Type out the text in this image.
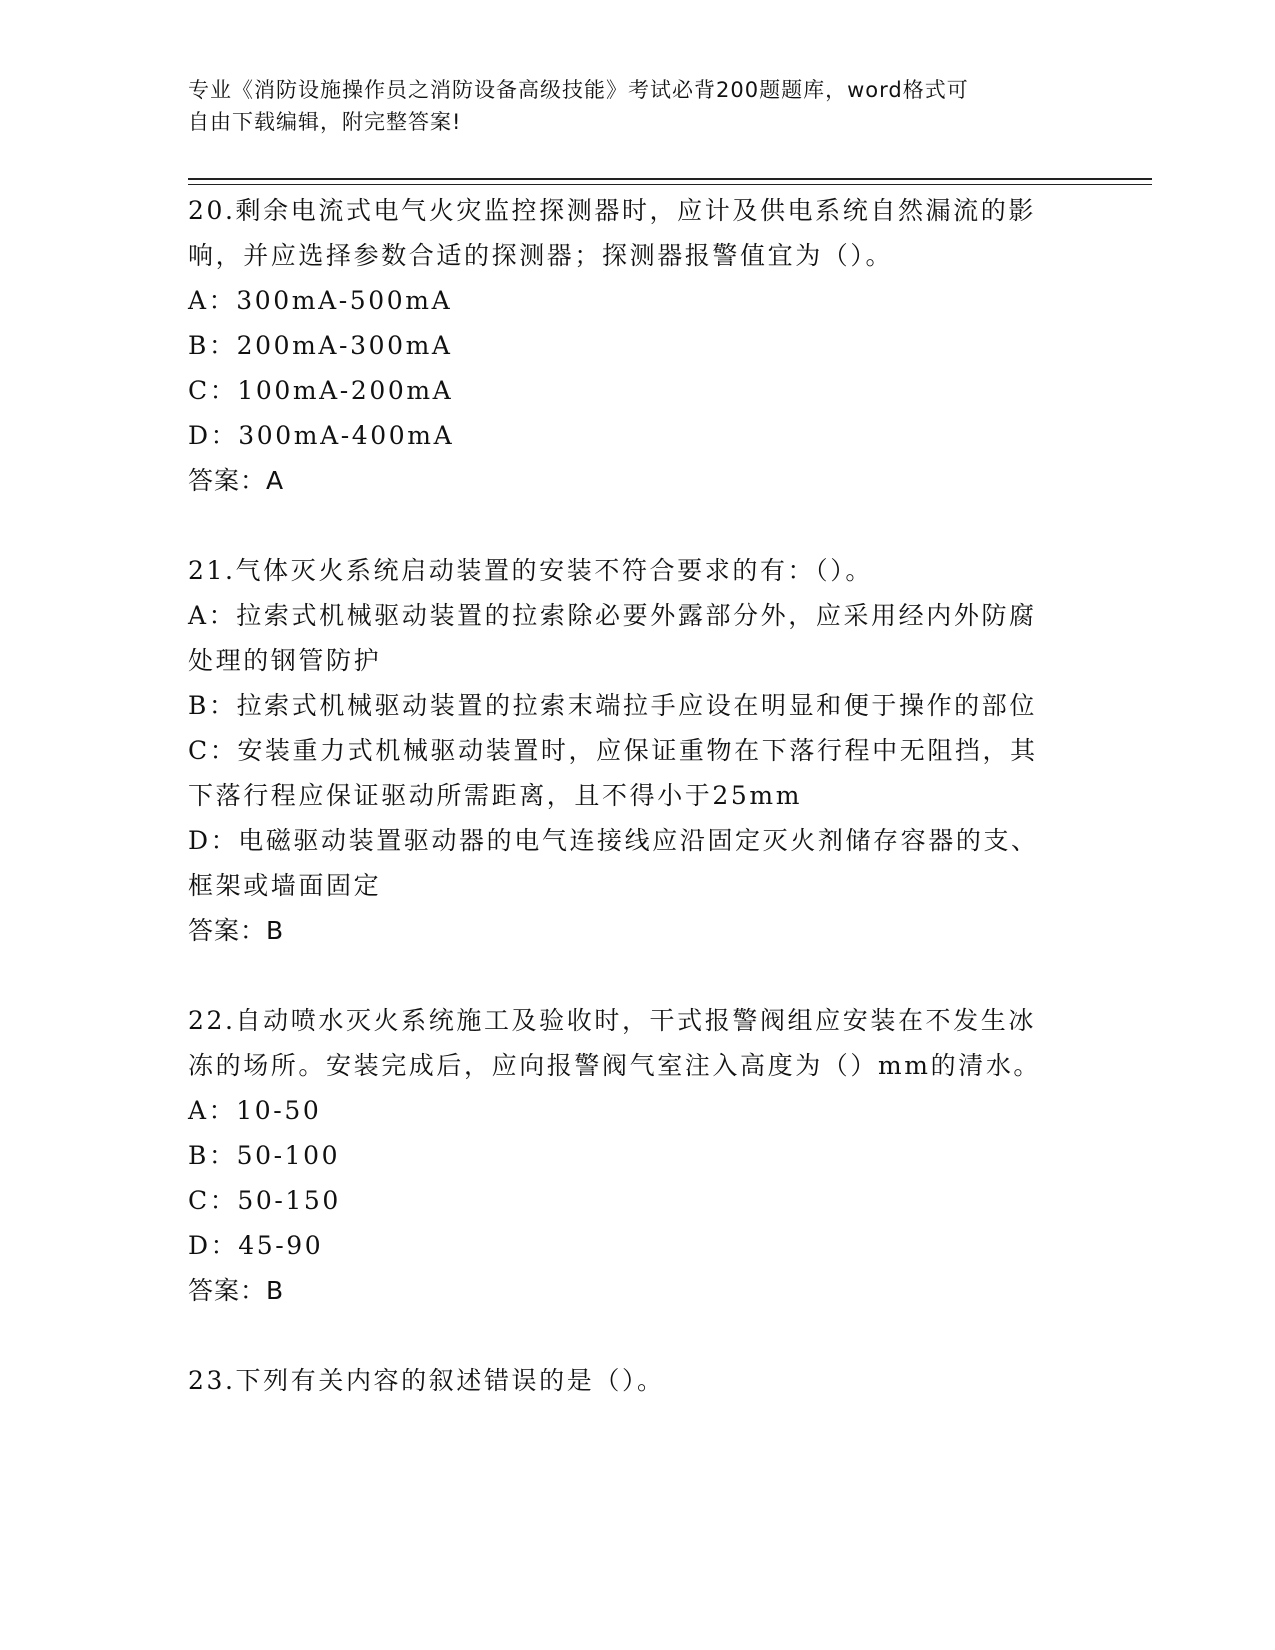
专业《消防设施操作员之消防设备高级技能》考试必背200题题库，word格式可
自由下载编辑，附完整答案!
20.剩余电流式电气火灾监控探测器时，应计及供电系统自然漏流的影
响，并应选择参数合适的探测器；探测器报警值宜为（）。
A：300mA-500mA
B：200mA-300mA
C：100mA-200mA
D：300mA-400mA
答案：A
21.气体灭火系统启动装置的安装不符合要求的有：（）。
A：拉索式机械驱动装置的拉索除必要外露部分外，应采用经内外防腐
处理的钢管防护
B：拉索式机械驱动装置的拉索末端拉手应设在明显和便于操作的部位
C：安装重力式机械驱动装置时，应保证重物在下落行程中无阻挡，其
下落行程应保证驱动所需距离，且不得小于25mm
D：电磁驱动装置驱动器的电气连接线应沿固定灭火剂储存容器的支、
框架或墙面固定
答案：B
22.自动喷水灭火系统施工及验收时，干式报警阀组应安装在不发生冰
冻的场所。安装完成后，应向报警阀气室注入高度为（）mm的清水。
A：10-50
B：50-100
C：50-150
D：45-90
答案：B
23.下列有关内容的叙述错误的是（）。
